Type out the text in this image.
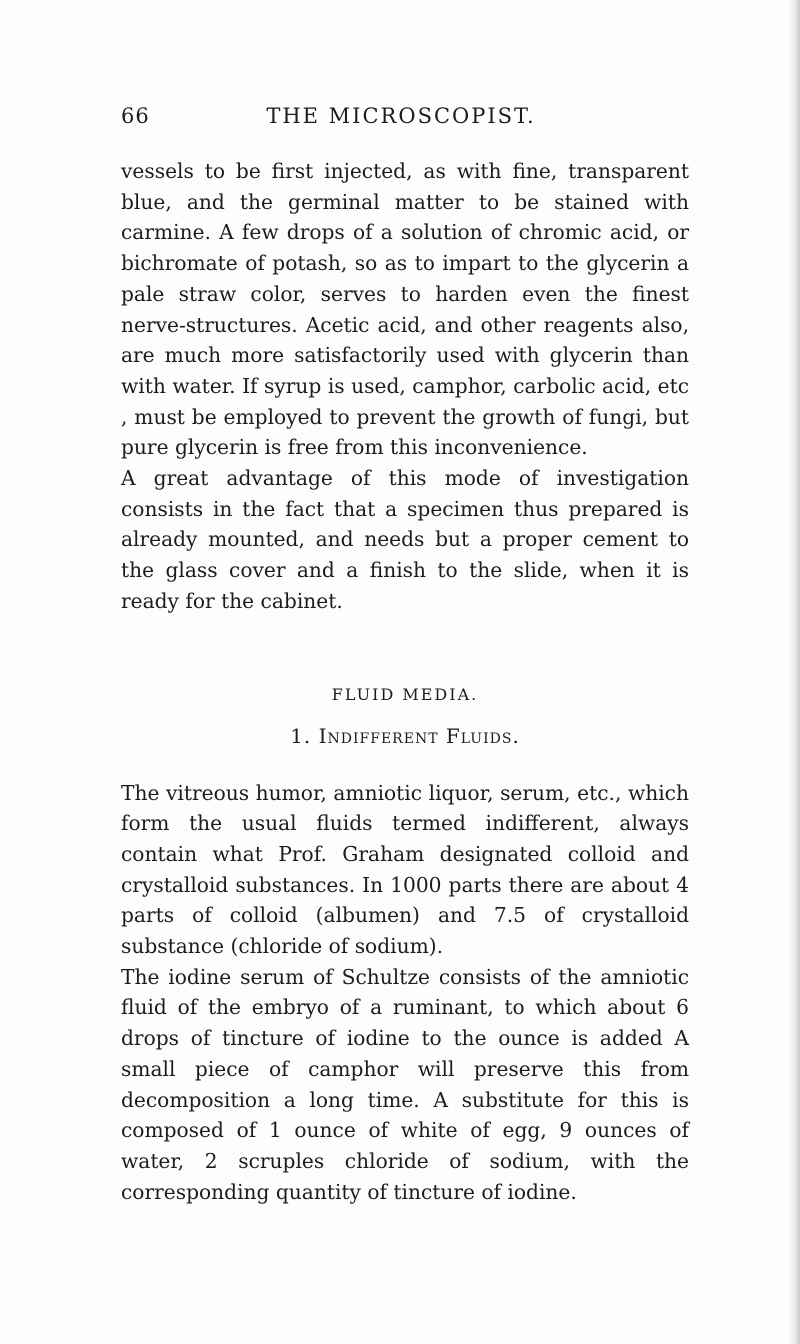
66	THE MICROSCOPIST.

vessels to be first injected, as with fine, transparent blue, and the germinal matter to be stained with carmine. A few drops of a solution of chromic acid, or bichromate of potash, so as to impart to the glycerin a pale straw color, serves to harden even the finest nerve-structures. Acetic acid, and other reagents also, are much more satisfactorily used with glycerin than with water. If syrup is used, camphor, carbolic acid, etc , must be employed to prevent the growth of fungi, but pure glycerin is free from this inconvenience.

A great advantage of this mode of investigation consists in the fact that a specimen thus prepared is already mounted, and needs but a proper cement to the glass cover and a finish to the slide, when it is ready for the cabinet.

FLUID MEDIA.
1. Indifferent Fluids.

The vitreous humor, amniotic liquor, serum, etc., which form the usual fluids termed indifferent, always contain what Prof. Graham designated colloid and crystalloid substances. In 1000 parts there are about 4 parts of colloid (albumen) and 7.5 of crystalloid substance (chloride of sodium).

The iodine serum of Schultze consists of the amniotic fluid of the embryo of a ruminant, to which about 6 drops of tincture of iodine to the ounce is added A small piece of camphor will preserve this from decomposition a long time. A substitute for this is composed of 1 ounce of white of egg, 9 ounces of water, 2 scruples chloride of sodium, with the corresponding quantity of tincture of iodine.
